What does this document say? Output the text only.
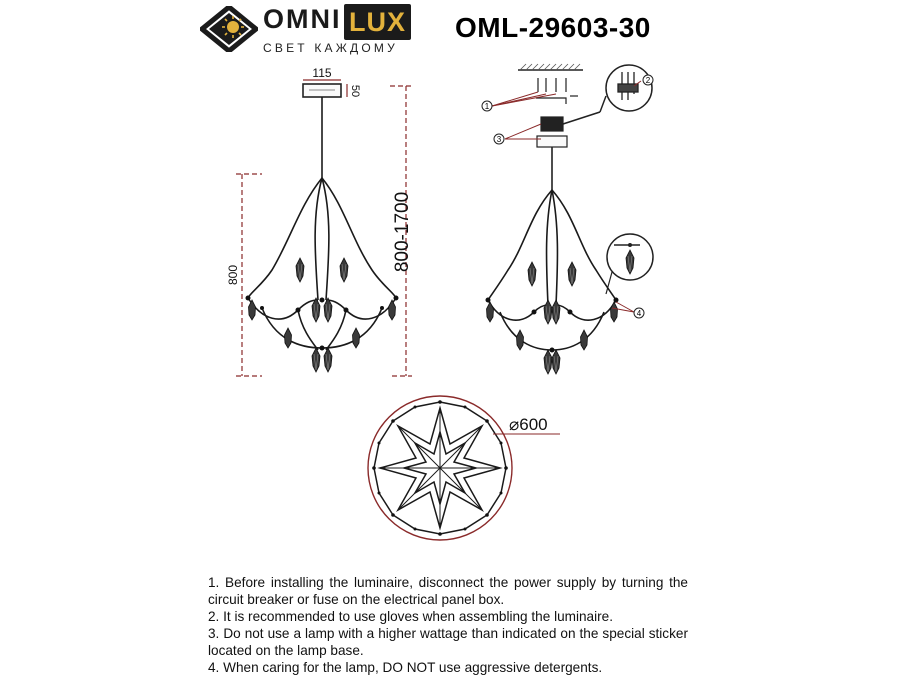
OMNI LUX
СВЕТ КАЖДОМУ
OML-29603-30
115
50
800
800-1700
1
2
3
4
⌀600

1. Before installing the luminaire, disconnect the power supply by turning the circuit breaker or fuse on the electrical panel box.

2. It is recommended to use gloves when assembling the luminaire.

3. Do not use a lamp with a higher wattage than indicated on the special sticker located on the lamp base.

4. When caring for the lamp, DO NOT use aggressive detergents.
